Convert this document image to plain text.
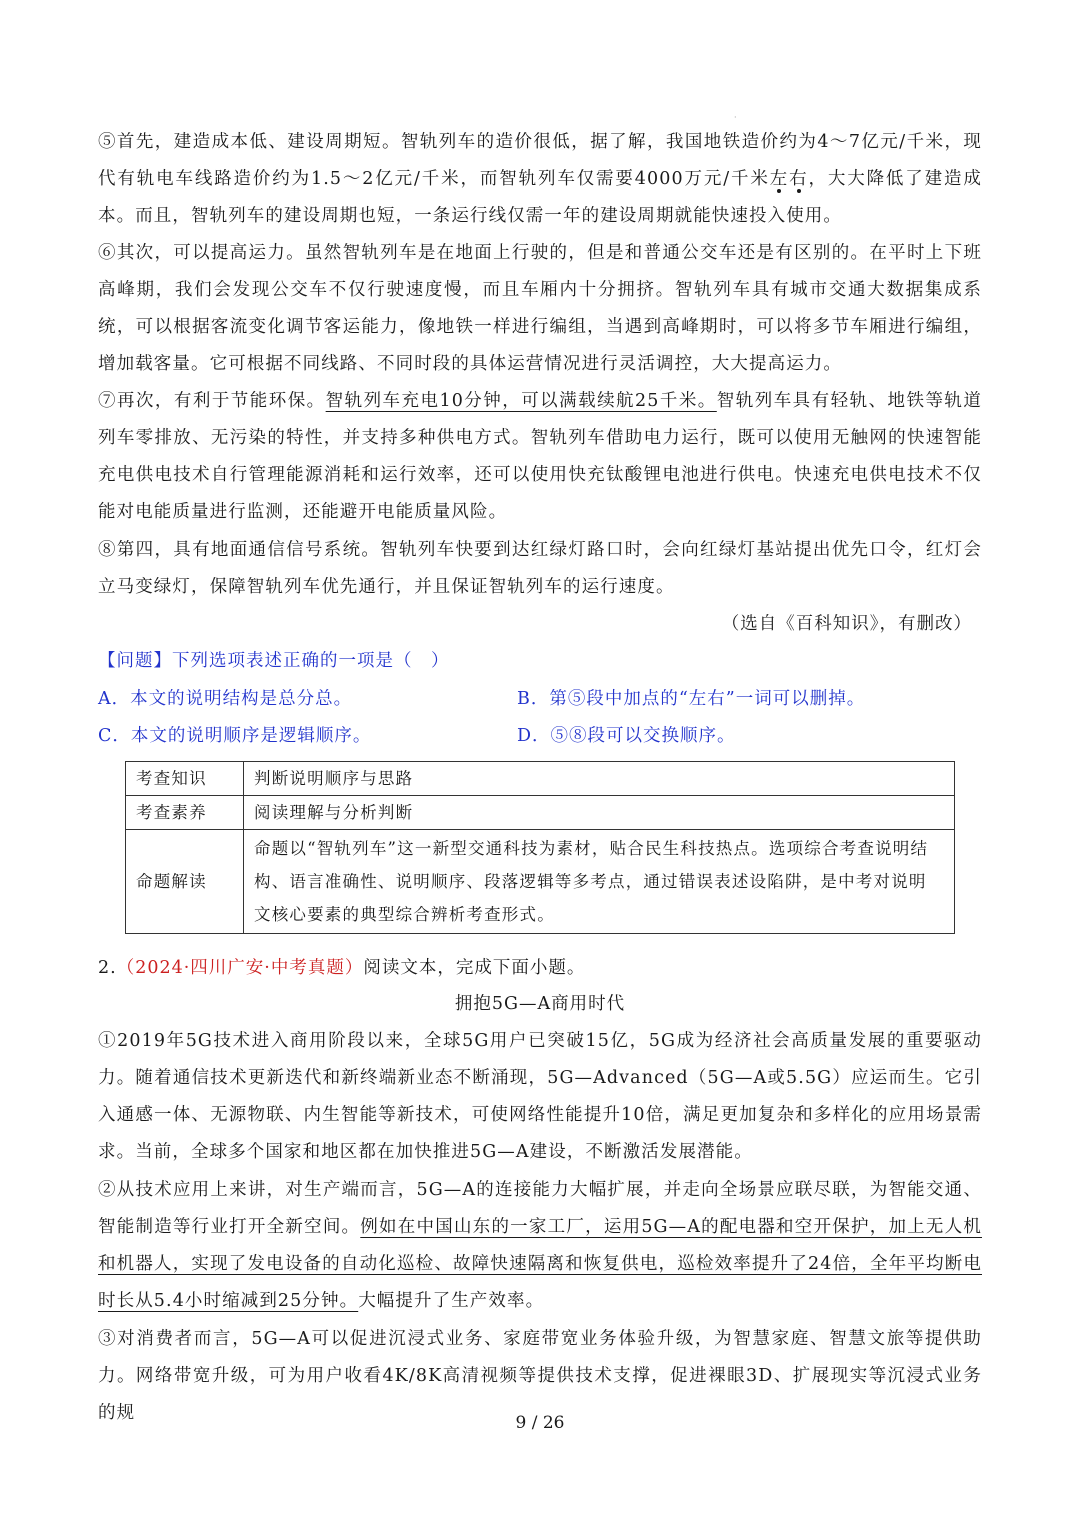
·

⑤首先，建造成本低、建设周期短。智轨列车的造价很低，据了解，我国地铁造价约为4～7亿元/千米，现代有轨电车线路造价约为1.5～2亿元/千米，而智轨列车仅需要4000万元/千米左右，大大降低了建造成本。而且，智轨列车的建设周期也短，一条运行线仅需一年的建设周期就能快速投入使用。

⑥其次，可以提高运力。虽然智轨列车是在地面上行驶的，但是和普通公交车还是有区别的。在平时上下班高峰期，我们会发现公交车不仅行驶速度慢，而且车厢内十分拥挤。智轨列车具有城市交通大数据集成系统，可以根据客流变化调节客运能力，像地铁一样进行编组，当遇到高峰期时，可以将多节车厢进行编组，增加载客量。它可根据不同线路、不同时段的具体运营情况进行灵活调控，大大提高运力。

⑦再次，有利于节能环保。智轨列车充电10分钟，可以满载续航25千米。智轨列车具有轻轨、地铁等轨道列车零排放、无污染的特性，并支持多种供电方式。智轨列车借助电力运行，既可以使用无触网的快速智能充电供电技术自行管理能源消耗和运行效率，还可以使用快充钛酸锂电池进行供电。快速充电供电技术不仅能对电能质量进行监测，还能避开电能质量风险。

⑧第四，具有地面通信信号系统。智轨列车快要到达红绿灯路口时，会向红绿灯基站提出优先口令，红灯会立马变绿灯，保障智轨列车优先通行，并且保证智轨列车的运行速度。

（选自《百科知识》，有删改）
【问题】下列选项表述正确的一项是（　）
A．本文的说明结构是总分总。	B．第⑤段中加点的“左右”一词可以删掉。
C．本文的说明顺序是逻辑顺序。	D．⑤⑧段可以交换顺序。
考查知识	判断说明顺序与思路
考查素养	阅读理解与分析判断
命题解读	命题以“智轨列车”这一新型交通科技为素材，贴合民生科技热点。选项综合考查说明结构、语言准确性、说明顺序、段落逻辑等多考点，通过错误表述设陷阱，是中考对说明文核心要素的典型综合辨析考查形式。
2.（2024·四川广安·中考真题）阅读文本，完成下面小题。
拥抱5G—A商用时代

①2019年5G技术进入商用阶段以来，全球5G用户已突破15亿，5G成为经济社会高质量发展的重要驱动力。随着通信技术更新迭代和新终端新业态不断涌现，5G—Advanced（5G—A或5.5G）应运而生。它引入通感一体、无源物联、内生智能等新技术，可使网络性能提升10倍，满足更加复杂和多样化的应用场景需求。当前，全球多个国家和地区都在加快推进5G—A建设，不断激活发展潜能。

②从技术应用上来讲，对生产端而言，5G—A的连接能力大幅扩展，并走向全场景应联尽联，为智能交通、智能制造等行业打开全新空间。例如在中国山东的一家工厂，运用5G—A的配电器和空开保护，加上无人机和机器人，实现了发电设备的自动化巡检、故障快速隔离和恢复供电，巡检效率提升了24倍，全年平均断电时长从5.4小时缩减到25分钟。大幅提升了生产效率。

③对消费者而言，5G—A可以促进沉浸式业务、家庭带宽业务体验升级，为智慧家庭、智慧文旅等提供助力。网络带宽升级，可为用户收看4K/8K高清视频等提供技术支撑，促进裸眼3D、扩展现实等沉浸式业务的规	9 / 26
